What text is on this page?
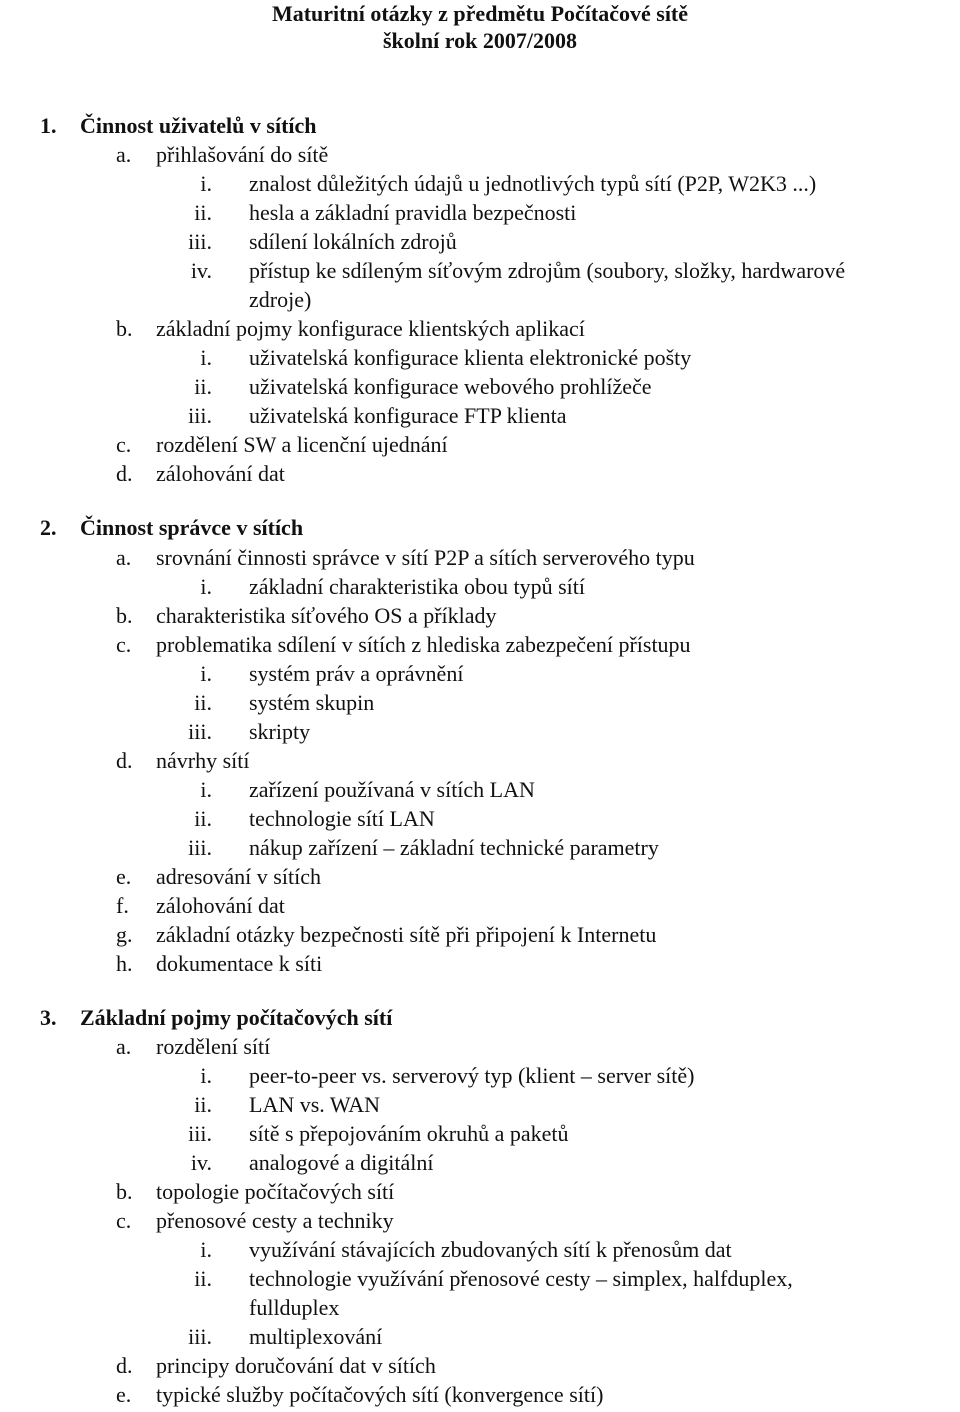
Maturitní otázky z předmětu Počítačové sítě
školní rok 2007/2008
1.	Činnost uživatelů v sítích
a.	přihlašování do sítě
i. znalost důležitých údajů u jednotlivých typů sítí (P2P, W2K3 ...)
ii. hesla a základní pravidla bezpečnosti
iii. sdílení lokálních zdrojů
iv. přístup ke sdíleným síťovým zdrojům (soubory, složky, hardwarové
zdroje)
b.	základní pojmy konfigurace klientských aplikací
i. uživatelská konfigurace klienta elektronické pošty
ii. uživatelská konfigurace webového prohlížeče
iii. uživatelská konfigurace FTP klienta
c.	rozdělení SW a licenční ujednání
d.	zálohování dat
2.	Činnost správce v sítích
a.	srovnání činnosti správce v sítí P2P a sítích serverového typu
i. základní charakteristika obou typů sítí
b.	charakteristika síťového OS a příklady
c.	problematika sdílení v sítích z hlediska zabezpečení přístupu
i. systém práv a oprávnění
ii. systém skupin
iii. skripty
d.	návrhy sítí
i. zařízení používaná v sítích LAN
ii. technologie sítí LAN
iii. nákup zařízení – základní technické parametry
e.	adresování v sítích
f.	zálohování dat
g.	základní otázky bezpečnosti sítě při připojení k Internetu
h.	dokumentace k síti
3.	Základní pojmy počítačových sítí
a.	rozdělení sítí
i. peer-to-peer vs. serverový typ (klient – server sítě)
ii. LAN vs. WAN
iii. sítě s přepojováním okruhů a paketů
iv. analogové a digitální
b.	topologie počítačových sítí
c.	přenosové cesty a techniky
i. využívání stávajících zbudovaných sítí k přenosům dat
ii. technologie využívání přenosové cesty – simplex, halfduplex,
fullduplex
iii. multiplexování
d.	principy doručování dat v sítích
e.	typické služby počítačových sítí (konvergence sítí)
